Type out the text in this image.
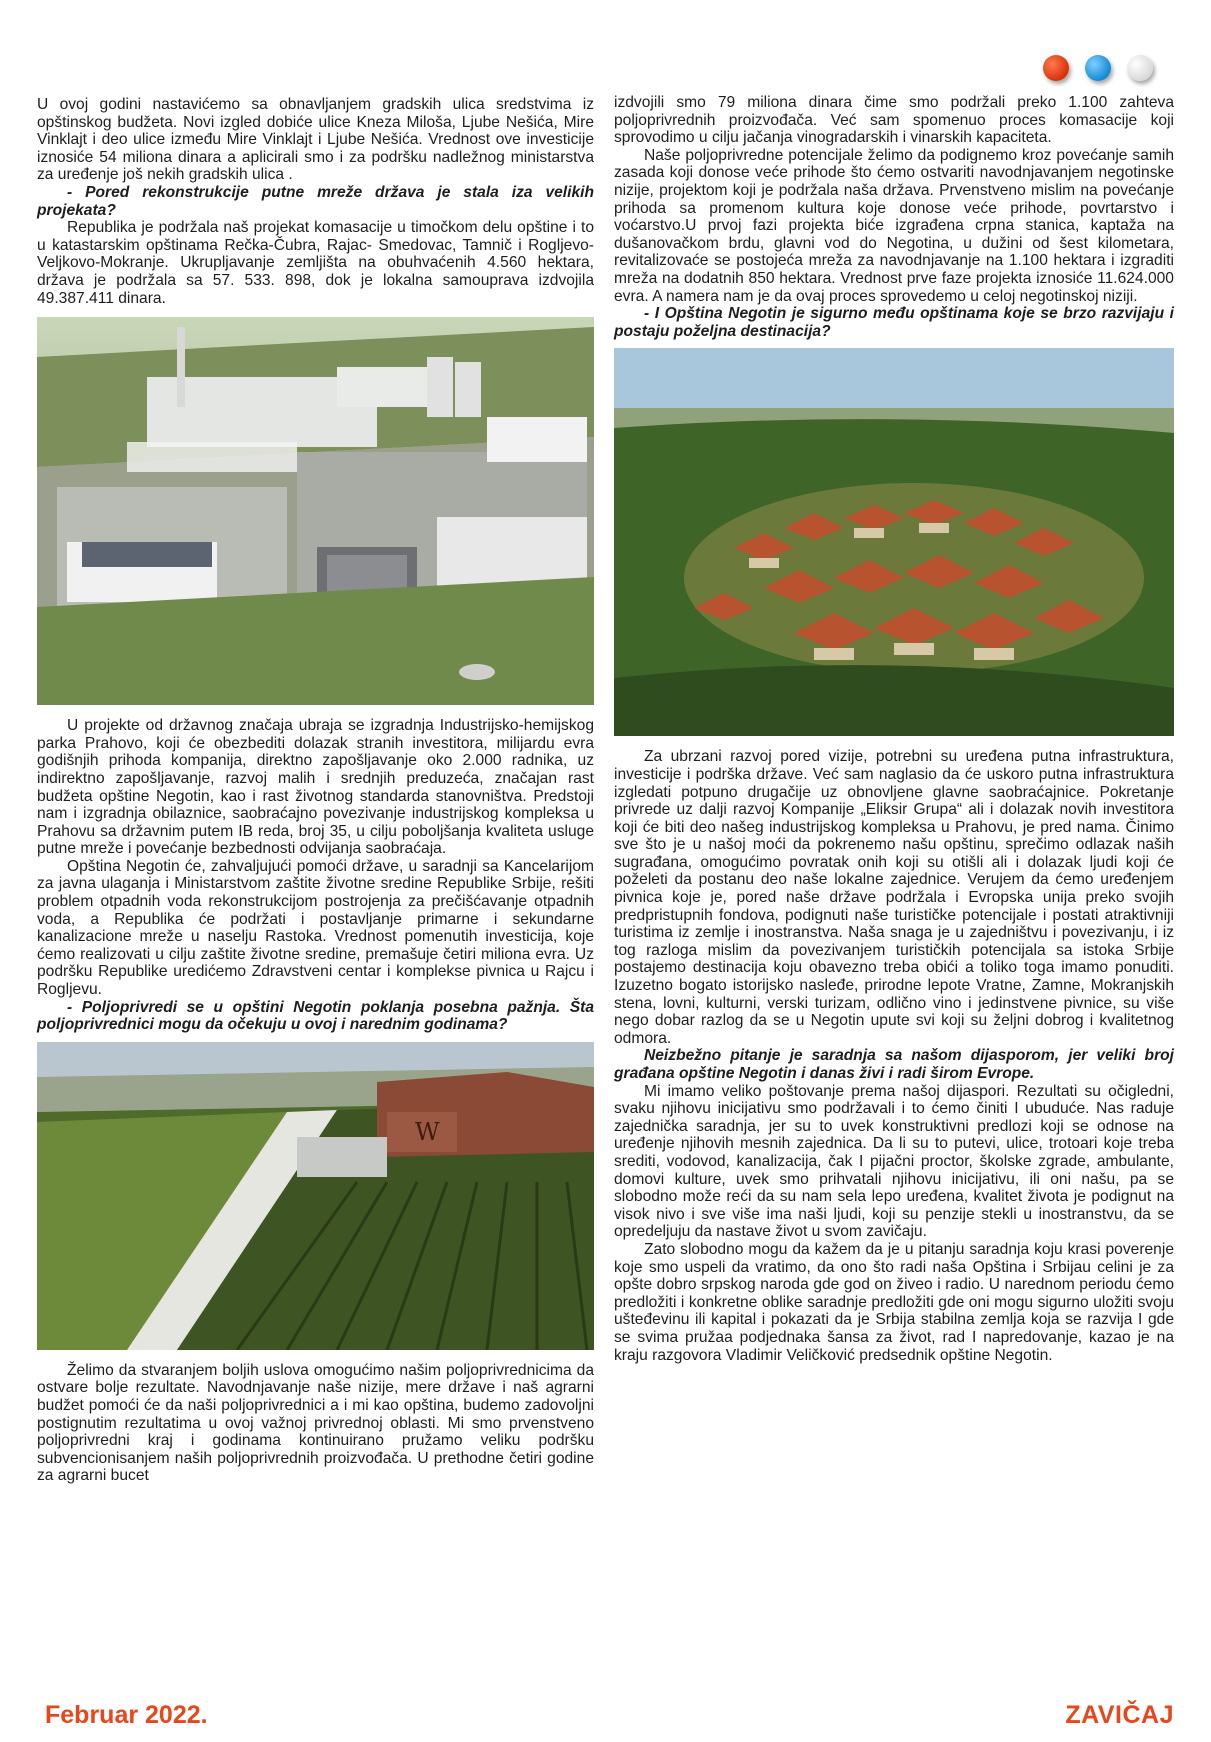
U ovoj godini nastavićemo sa obnavljanjem gradskih ulica sredstvima iz opštinskog budžeta. Novi izgled dobiće ulice Kneza Miloša, Ljube Nešića, Mire Vinklajt i deo ulice između Mire Vinklajt i Ljube Nešića. Vrednost ove investicije iznosiće 54 miliona dinara a aplicirali smo i za podršku nadležnog ministarstva za uređenje još nekih gradskih ulica .

- Pored rekonstrukcije putne mreže država je stala iza velikih projekata?

Republika je podržala naš projekat komasacije u timočkom delu opštine i to u katastarskim opštinama Rečka-Čubra, Rajac- Smedovac, Tamnič i Rogljevo-Veljkovo-Mokranje. Ukrupljavanje zemljišta na obuhvaćenih 4.560 hektara, država je podržala sa 57. 533. 898, dok je lokalna samouprava izdvojila 49.387.411 dinara.

U projekte od državnog značaja ubraja se izgradnja Industrijsko-hemijskog parka Prahovo, koji će obezbediti dolazak stranih investitora, milijardu evra godišnjih prihoda kompanija, direktno zapošljavanje oko 2.000 radnika, uz indirektno zapošljavanje, razvoj malih i srednjih preduzeća, značajan rast budžeta opštine Negotin, kao i rast životnog standarda stanovništva. Predstoji nam i izgradnja obilaznice, saobraćajno povezivanje industrijskog kompleksa u Prahovu sa državnim putem IB reda, broj 35, u cilju poboljšanja kvaliteta usluge putne mreže i povećanje bezbednosti odvijanja saobraćaja.

Opština Negotin će, zahvaljujući pomoći države, u saradnji sa Kancelarijom za javna ulaganja i Ministarstvom zaštite životne sredine Republike Srbije, rešiti problem otpadnih voda rekonstrukcijom postrojenja za prečišćavanje otpadnih voda, a Republika će podržati i postavljanje primarne i sekundarne kanalizacione mreže u naselju Rastoka. Vrednost pomenutih investicija, koje ćemo realizovati u cilju zaštite životne sredine, premašuje četiri miliona evra. Uz podršku Republike uredićemo Zdravstveni centar i komplekse pivnica u Rajcu i Rogljevu.

- Poljoprivredi se u opštini Negotin poklanja posebna pažnja. Šta poljoprivrednici mogu da očekuju u ovoj i narednim godinama?

W

Želimo da stvaranjem boljih uslova omogućimo našim poljoprivrednicima da ostvare bolje rezultate. Navodnjavanje naše nizije, mere države i naš agrarni budžet pomoći će da naši poljoprivrednici a i mi kao opština, budemo zadovoljni postignutim rezultatima u ovoj važnoj privrednoj oblasti. Mi smo prvenstveno poljoprivredni kraj i godinama kontinuirano pružamo veliku podršku subvencionisanjem naših poljoprivrednih proizvođača. U prethodne četiri godine za agrarni bucet

izdvojili smo 79 miliona dinara čime smo podržali preko 1.100 zahteva poljoprivrednih proizvođača. Već sam spomenuo proces komasacije koji sprovodimo u cilju jačanja vinogradarskih i vinarskih kapaciteta.

Naše poljoprivredne potencijale želimo da podignemo kroz povećanje samih zasada koji donose veće prihode što ćemo ostvariti navodnjavanjem negotinske nizije, projektom koji je podržala naša država. Prvenstveno mislim na povećanje prihoda sa promenom kultura koje donose veće prihode, povrtarstvo i voćarstvo.U prvoj fazi projekta biće izgrađena crpna stanica, kaptaža na dušanovačkom brdu, glavni vod do Negotina, u dužini od šest kilometara, revitalizovaće se postojeća mreža za navodnjavanje na 1.100 hektara i izgraditi mreža na dodatnih 850 hektara. Vrednost prve faze projekta iznosiće 11.624.000 evra. A namera nam je da ovaj proces sprovedemo u celoj negotinskoj niziji.

- I Opština Negotin je sigurno među opštinama koje se brzo razvijaju i postaju poželjna destinacija?

Za ubrzani razvoj pored vizije, potrebni su uređena putna infrastruktura, investicije i podrška države. Već sam naglasio da će uskoro putna infrastruktura izgledati potpuno drugačije uz obnovljene glavne saobraćajnice. Pokretanje privrede uz dalji razvoj Kompanije „Eliksir Grupa“ ali i dolazak novih investitora koji će biti deo našeg industrijskog kompleksa u Prahovu, je pred nama. Činimo sve što je u našoj moći da pokrenemo našu opštinu, sprečimo odlazak naših sugrađana, omogućimo povratak onih koji su otišli ali i dolazak ljudi koji će poželeti da postanu deo naše lokalne zajednice. Verujem da ćemo uređenjem pivnica koje je, pored naše države podržala i Evropska unija preko svojih predpristupnih fondova, podignuti naše turističke potencijale i postati atraktivniji turistima iz zemlje i inostranstva. Naša snaga je u zajedništvu i povezivanju, i iz tog razloga mislim da povezivanjem turističkih potencijala sa istoka Srbije postajemo destinacija koju obavezno treba obići a toliko toga imamo ponuditi. Izuzetno bogato istorijsko nasleđe, prirodne lepote Vratne, Zamne, Mokranjskih stena, lovni, kulturni, verski turizam, odlično vino i jedinstvene pivnice, su više nego dobar razlog da se u Negotin upute svi koji su željni dobrog i kvalitetnog odmora.

Neizbežno pitanje je saradnja sa našom dijasporom, jer veliki broj građana opštine Negotin i danas živi i radi širom Evrope.

Mi imamo veliko poštovanje prema našoj dijaspori. Rezultati su očigledni, svaku njihovu inicijativu smo podržavali i to ćemo činiti I ubuduće. Nas raduje zajednička saradnja, jer su to uvek konstruktivni predlozi koji se odnose na uređenje njihovih mesnih zajednica. Da li su to putevi, ulice, trotoari koje treba srediti, vodovod, kanalizacija, čak I pijačni proctor, školske zgrade, ambulante, domovi kulture, uvek smo prihvatali njihovu inicijativu, ili oni našu, pa se slobodno može reći da su nam sela lepo uređena, kvalitet života je podignut na visok nivo i sve više ima naši ljudi, koji su penzije stekli u inostranstvu, da se opredeljuju da nastave život u svom zavičaju.

Zato slobodno mogu da kažem da je u pitanju saradnja koju krasi poverenje koje smo uspeli da vratimo, da ono što radi naša Opština i Srbijau celini je za opšte dobro srpskog naroda gde god on živeo i radio. U narednom periodu ćemo predložiti i konkretne oblike saradnje predložiti gde oni mogu sigurno uložiti svoju ušteđevinu ili kapital i pokazati da je Srbija stabilna zemlja koja se razvija I gde se svima pružaa podjednaka šansa za život, rad I napredovanje, kazao je na kraju razgovora Vladimir Veličković predsednik opštine Negotin.

Februar 2022.	ZAVIČAJ
